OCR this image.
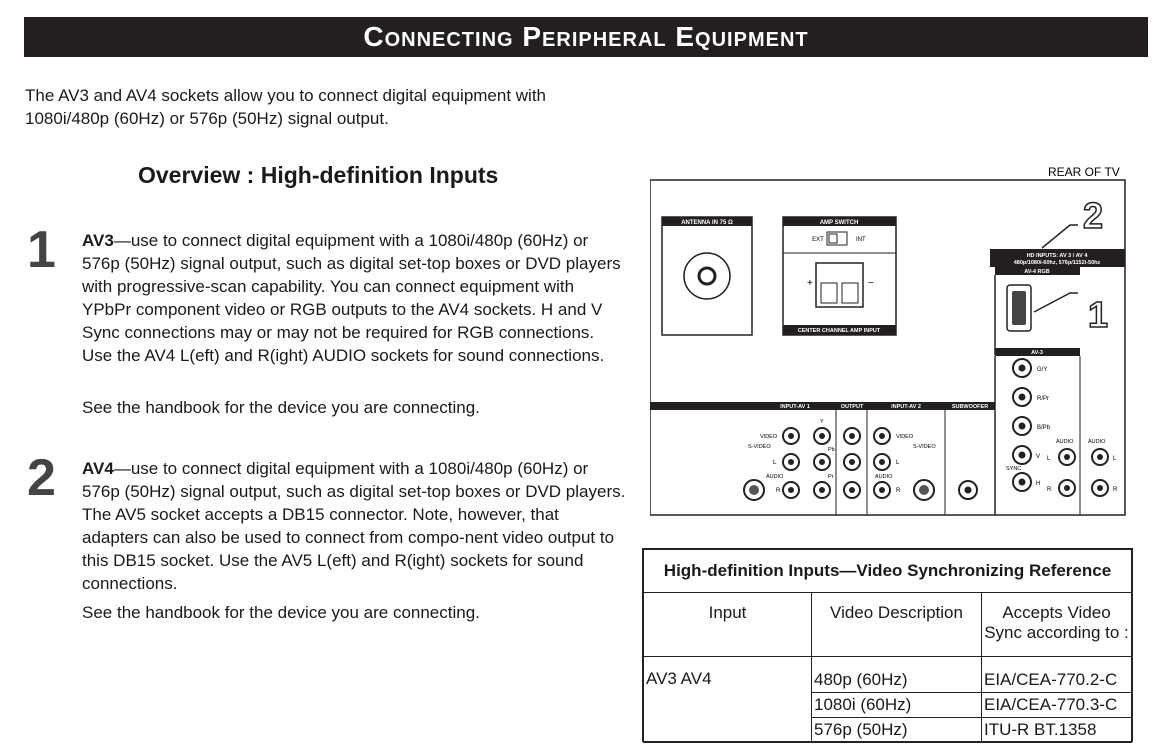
Connecting Peripheral Equipment
The AV3 and AV4 sockets allow you to connect digital equipment with 1080i/480p (60Hz) or 576p (50Hz) signal output.
Overview : High-definition Inputs
1 AV3—use to connect digital equipment with a 1080i/480p (60Hz) or 576p (50Hz) signal output, such as digital set-top boxes or DVD players with progressive-scan capability. You can connect equipment with YPbPr component video or RGB outputs to the AV4 sockets. H and V Sync connections may or may not be required for RGB connections. Use the AV4 L(eft) and R(ight) AUDIO sockets for sound connections.
See the handbook for the device you are connecting.
2 AV4—use to connect digital equipment with a 1080i/480p (60Hz) or 576p (50Hz) signal output, such as digital set-top boxes or DVD players. The AV5 socket accepts a DB15 connector. Note, however, that adapters can also be used to connect from compo-nent video output to this DB15 socket. Use the AV5 L(eft) and R(ight) sockets for sound connections.
See the handbook for the device you are connecting.
REAR OF TV
ANTENNA IN 75 Ω	AMP SWITCH
EXT	INT
+	−
CENTER CHANNEL AMP INPUT
2
HD INPUTS: AV 3 / AV 4
480p/1080i-60hz, 576p/1152i-50hz
AV-4 RGB
1
AV-3
G/Y
R/Pr
B/Pb
V
SYNC
H
AUDIO
L
R
AUDIO
L
R
INPUT-AV 1	OUTPUT	INPUT-AV 2	SUBWOOFER
VIDEO
S-VIDEO
L
AUDIO
R
Y
Pb
Pr
VIDEO
S-VIDEO
L
AUDIO
R
High-definition Inputs—Video Synchronizing Reference		
Input	Video Description	Accepts Video Sync according to :
AV3 AV4	480p (60Hz)	EIA/CEA-770.2-C
	1080i (60Hz)	EIA/CEA-770.3-C
	576p (50Hz)	ITU-R BT.1358
